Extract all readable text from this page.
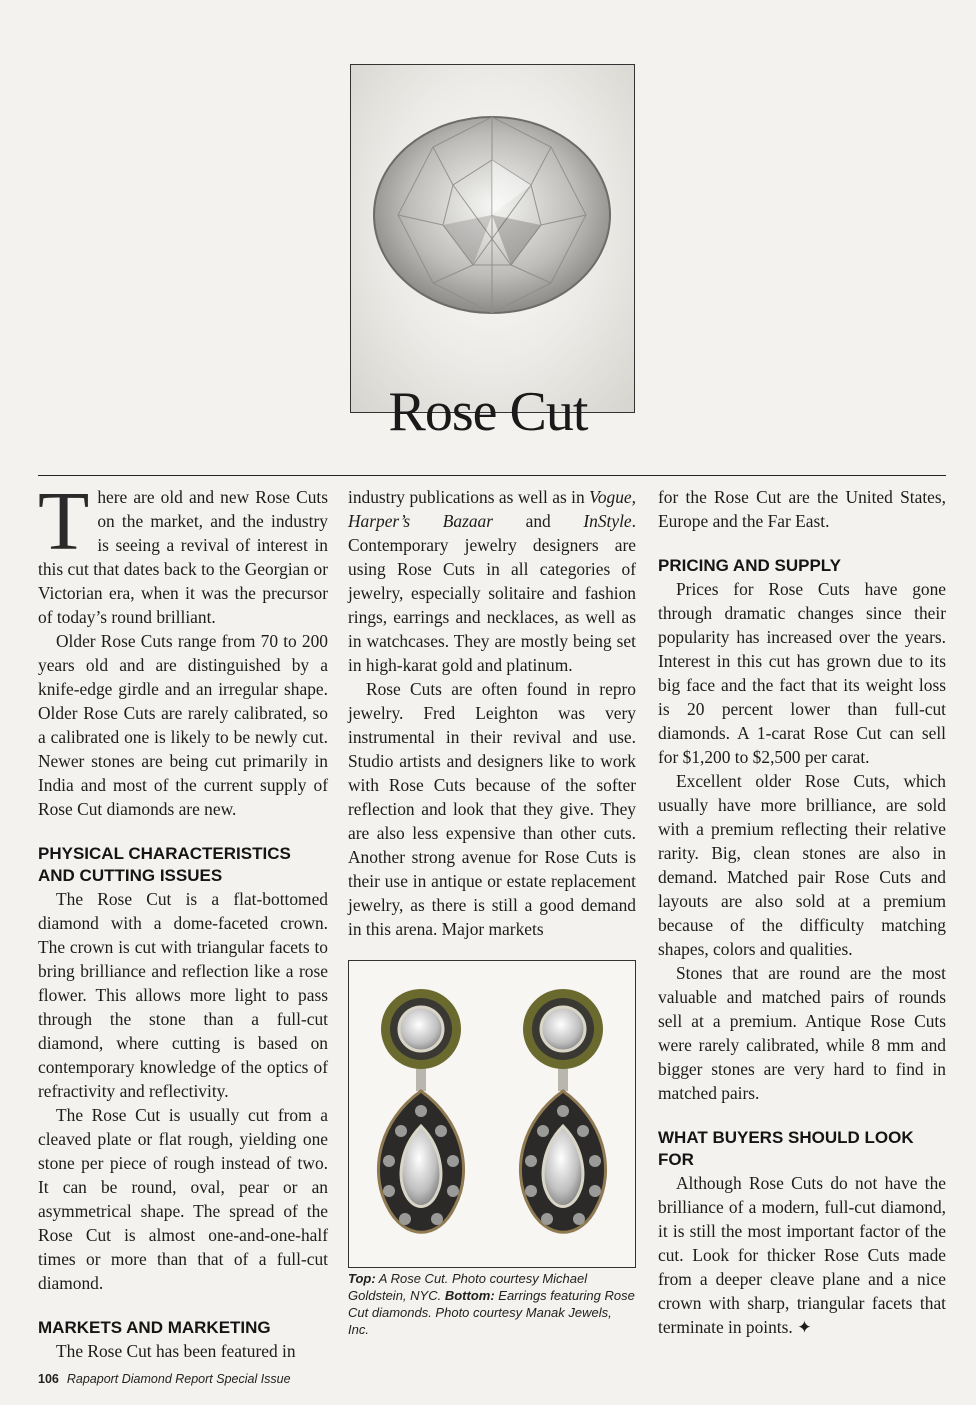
Rose Cut

There are old and new Rose Cuts on the market, and the industry is seeing a revival of interest in this cut that dates back to the Georgian or Victorian era, when it was the precursor of today’s round brilliant.

Older Rose Cuts range from 70 to 200 years old and are distinguished by a knife-edge girdle and an irregular shape. Older Rose Cuts are rarely calibrated, so a calibrated one is likely to be newly cut. Newer stones are being cut primarily in India and most of the current supply of Rose Cut diamonds are new.

PHYSICAL CHARACTERISTICS AND CUTTING ISSUES

The Rose Cut is a flat-bottomed diamond with a dome-faceted crown. The crown is cut with triangular facets to bring brilliance and reflection like a rose flower. This allows more light to pass through the stone than a full-cut diamond, where cutting is based on contemporary knowledge of the optics of refractivity and reflectivity.

The Rose Cut is usually cut from a cleaved plate or flat rough, yielding one stone per piece of rough instead of two. It can be round, oval, pear or an asymmetrical shape. The spread of the Rose Cut is almost one-and-one-half times or more than that of a full-cut diamond.

MARKETS AND MARKETING

The Rose Cut has been featured in

industry publications as well as in Vogue, Harper’s Bazaar and InStyle. Contemporary jewelry designers are using Rose Cuts in all categories of jewelry, especially solitaire and fashion rings, earrings and necklaces, as well as in watchcases. They are mostly being set in high-karat gold and platinum.

Rose Cuts are often found in repro jewelry. Fred Leighton was very instrumental in their revival and use. Studio artists and designers like to work with Rose Cuts because of the softer reflection and look that they give. They are also less expensive than other cuts. Another strong avenue for Rose Cuts is their use in antique or estate replacement jewelry, as there is still a good demand in this arena. Major markets

Top: A Rose Cut. Photo courtesy Michael Goldstein, NYC. Bottom: Earrings featuring Rose Cut diamonds. Photo courtesy Manak Jewels, Inc.

for the Rose Cut are the United States, Europe and the Far East.

PRICING AND SUPPLY

Prices for Rose Cuts have gone through dramatic changes since their popularity has increased over the years. Interest in this cut has grown due to its big face and the fact that its weight loss is 20 percent lower than full-cut diamonds. A 1-carat Rose Cut can sell for $1,200 to $2,500 per carat.

Excellent older Rose Cuts, which usually have more brilliance, are sold with a premium reflecting their relative rarity. Big, clean stones are also in demand. Matched pair Rose Cuts and layouts are also sold at a premium because of the difficulty matching shapes, colors and qualities.

Stones that are round are the most valuable and matched pairs of rounds sell at a premium. Antique Rose Cuts were rarely calibrated, while 8 mm and bigger stones are very hard to find in matched pairs.

WHAT BUYERS SHOULD LOOK FOR

Although Rose Cuts do not have the brilliance of a modern, full-cut diamond, it is still the most important factor of the cut. Look for thicker Rose Cuts made from a deeper cleave plane and a nice crown with sharp, triangular facets that terminate in points. ✦

106 Rapaport Diamond Report Special Issue
